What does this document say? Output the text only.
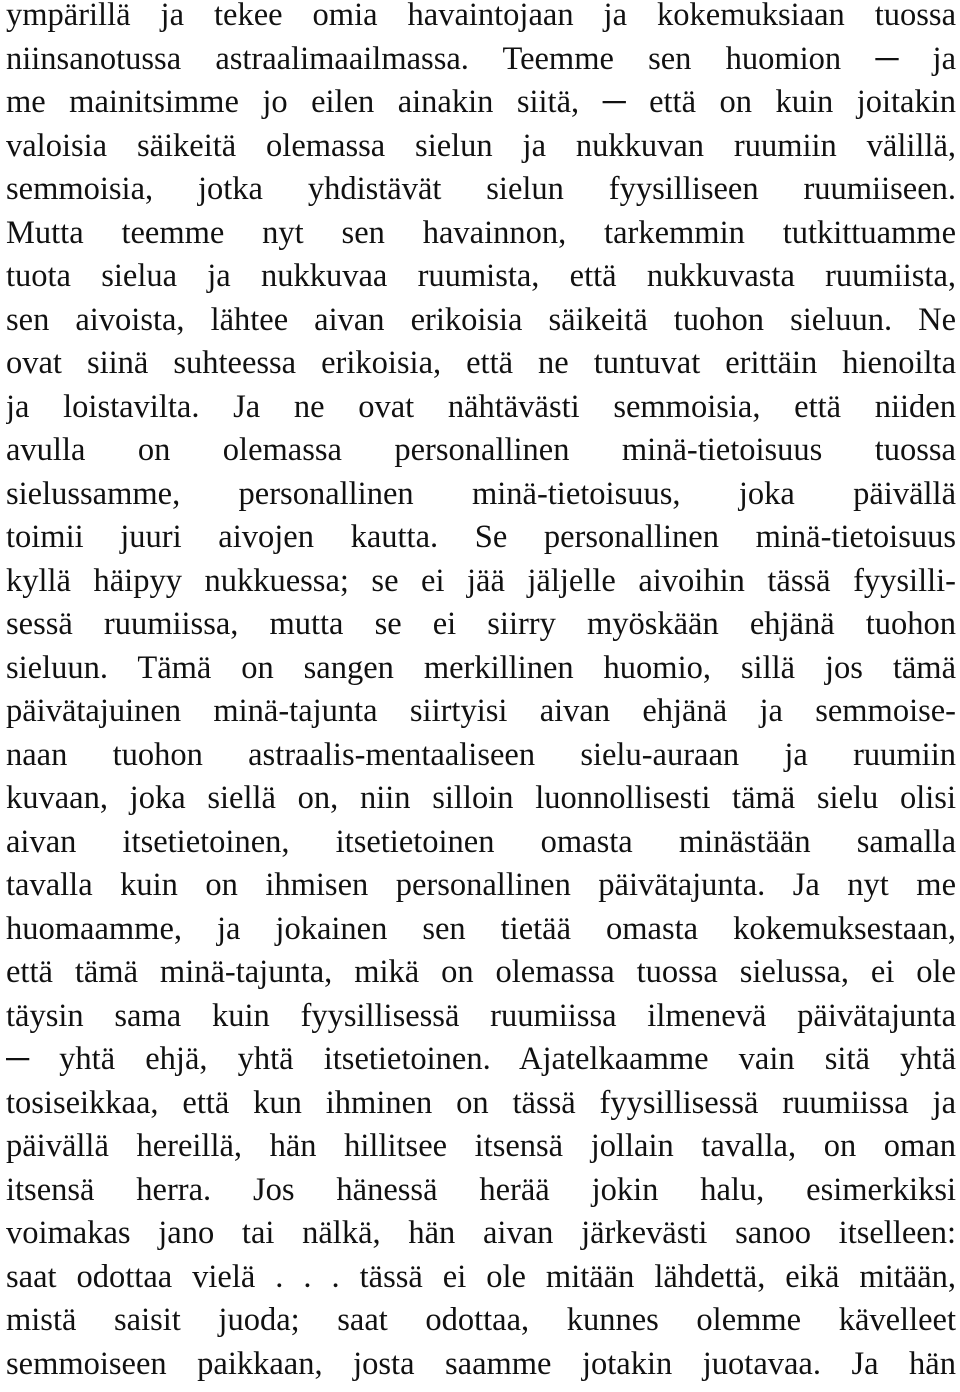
ympärillä ja tekee omia havaintojaan ja kokemuksiaan tuossa
niinsanotussa astraalimaailmassa. Teemme sen huomion ─ ja
me mainitsimme jo eilen ainakin siitä, ─ että on kuin joitakin
valoisia säikeitä olemassa sielun ja nukkuvan ruumiin välillä,
semmoisia, jotka yhdistävät sielun fyysilliseen ruumiiseen.
Mutta teemme nyt sen havainnon, tarkemmin tutkittuamme
tuota sielua ja nukkuvaa ruumista, että nukkuvasta ruumiista,
sen aivoista, lähtee aivan erikoisia säikeitä tuohon sieluun. Ne
ovat siinä suhteessa erikoisia, että ne tuntuvat erittäin hienoilta
ja loistavilta. Ja ne ovat nähtävästi semmoisia, että niiden
avulla on olemassa personallinen minä-tietoisuus tuossa
sielussamme, personallinen minä-tietoisuus, joka päivällä
toimii juuri aivojen kautta. Se personallinen minä-tietoisuus
kyllä häipyy nukkuessa; se ei jää jäljelle aivoihin tässä fyysilli-
sessä ruumiissa, mutta se ei siirry myöskään ehjänä tuohon
sieluun. Tämä on sangen merkillinen huomio, sillä jos tämä
päivätajuinen minä-tajunta siirtyisi aivan ehjänä ja semmoise-
naan tuohon astraalis-mentaaliseen sielu-auraan ja ruumiin
kuvaan, joka siellä on, niin silloin luonnollisesti tämä sielu olisi
aivan itsetietoinen, itsetietoinen omasta minästään samalla
tavalla kuin on ihmisen personallinen päivätajunta. Ja nyt me
huomaamme, ja jokainen sen tietää omasta kokemuksestaan,
että tämä minä-tajunta, mikä on olemassa tuossa sielussa, ei ole
täysin sama kuin fyysillisessä ruumiissa ilmenevä päivätajunta
─ yhtä ehjä, yhtä itsetietoinen. Ajatelkaamme vain sitä yhtä
tosiseikkaa, että kun ihminen on tässä fyysillisessä ruumiissa ja
päivällä hereillä, hän hillitsee itsensä jollain tavalla, on oman
itsensä herra. Jos hänessä herää jokin halu, esimerkiksi
voimakas jano tai nälkä, hän aivan järkevästi sanoo itselleen:
saat odottaa vielä . . . tässä ei ole mitään lähdettä, eikä mitään,
mistä saisit juoda; saat odottaa, kunnes olemme kävelleet
semmoiseen paikkaan, josta saamme jotakin juotavaa. Ja hän
